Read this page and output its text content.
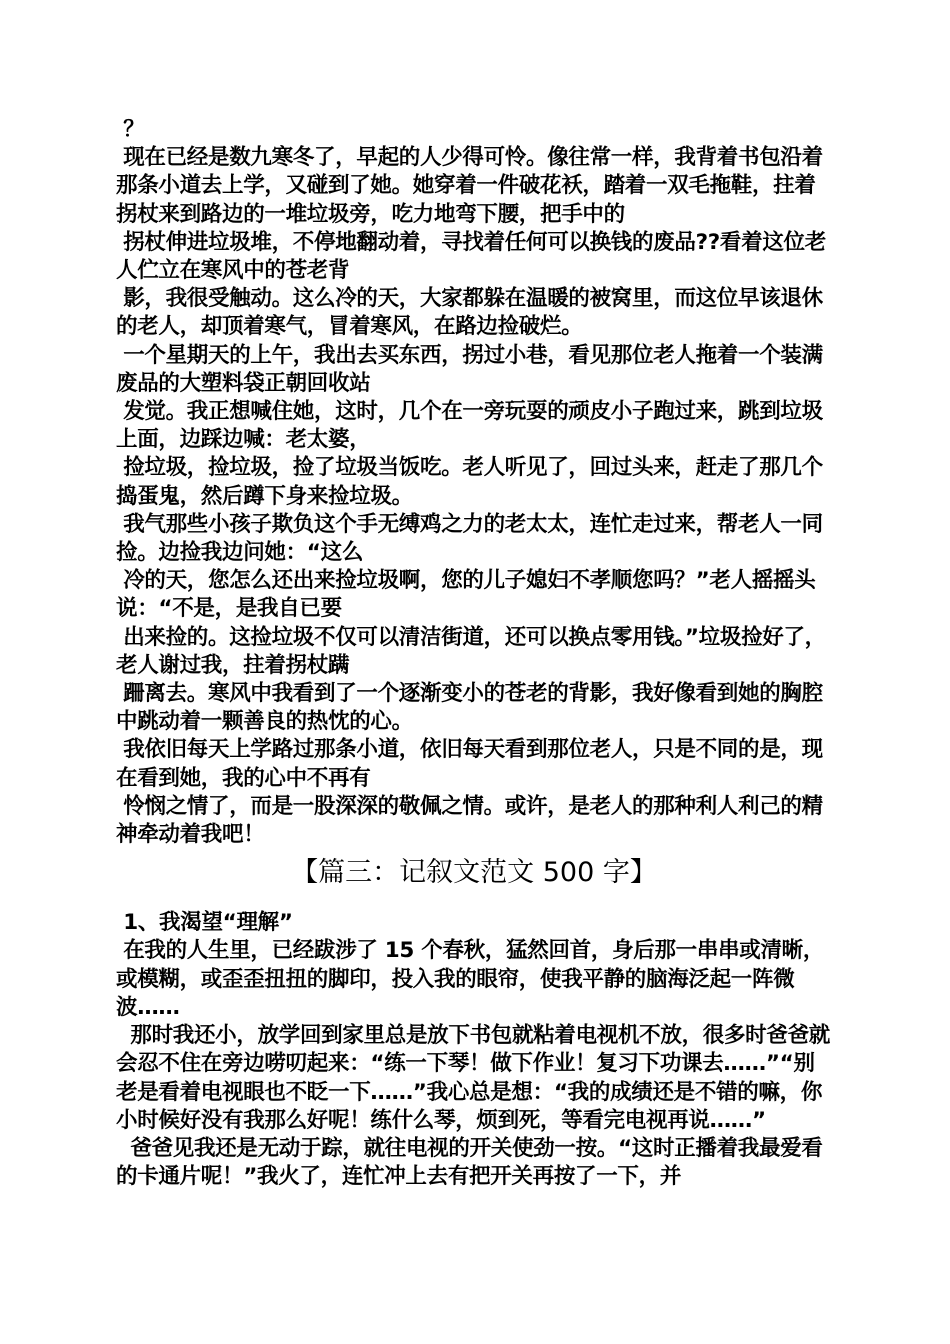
？

现在已经是数九寒冬了，早起的人少得可怜。像往常一样，我背着书包沿着那条小道去上学，又碰到了她。她穿着一件破花袄，踏着一双毛拖鞋，拄着拐杖来到路边的一堆垃圾旁，吃力地弯下腰，把手中的

拐杖伸进垃圾堆，不停地翻动着，寻找着任何可以换钱的废品??看着这位老人伫立在寒风中的苍老背

影，我很受触动。这么冷的天，大家都躲在温暖的被窝里，而这位早该退休的老人，却顶着寒气，冒着寒风，在路边捡破烂。

一个星期天的上午，我出去买东西，拐过小巷，看见那位老人拖着一个装满废品的大塑料袋正朝回收站

发觉。我正想喊住她，这时，几个在一旁玩耍的顽皮小子跑过来，跳到垃圾上面，边踩边喊：老太婆，

捡垃圾，捡垃圾，捡了垃圾当饭吃。老人听见了，回过头来，赶走了那几个捣蛋鬼，然后蹲下身来捡垃圾。

我气那些小孩子欺负这个手无缚鸡之力的老太太，连忙走过来，帮老人一同捡。边捡我边问她：“这么

冷的天，您怎么还出来捡垃圾啊，您的儿子媳妇不孝顺您吗？”老人摇摇头说：“不是，是我自已要

出来捡的。这捡垃圾不仅可以清洁街道，还可以换点零用钱。”垃圾捡好了，老人谢过我，拄着拐杖蹒

跚离去。寒风中我看到了一个逐渐变小的苍老的背影，我好像看到她的胸腔中跳动着一颗善良的热忱的心。

我依旧每天上学路过那条小道，依旧每天看到那位老人，只是不同的是，现在看到她，我的心中不再有

怜悯之情了，而是一股深深的敬佩之情。或许，是老人的那种利人利己的精神牵动着我吧！

【篇三：记叙文范文 500 字】

1、我渴望“理解”

在我的人生里，已经跋涉了 15 个春秋，猛然回首，身后那一串串或清晰，或模糊，或歪歪扭扭的脚印，投入我的眼帘，使我平静的脑海泛起一阵微波……

那时我还小，放学回到家里总是放下书包就粘着电视机不放，很多时爸爸就会忍不住在旁边唠叨起来：“练一下琴！做下作业！复习下功课去……”“别老是看着电视眼也不眨一下……”我心总是想：“我的成绩还是不错的嘛，你小时候好没有我那么好呢！练什么琴，烦到死，等看完电视再说……”

爸爸见我还是无动于踪，就往电视的开关使劲一按。“这时正播着我最爱看的卡通片呢！”我火了，连忙冲上去有把开关再按了一下，并
